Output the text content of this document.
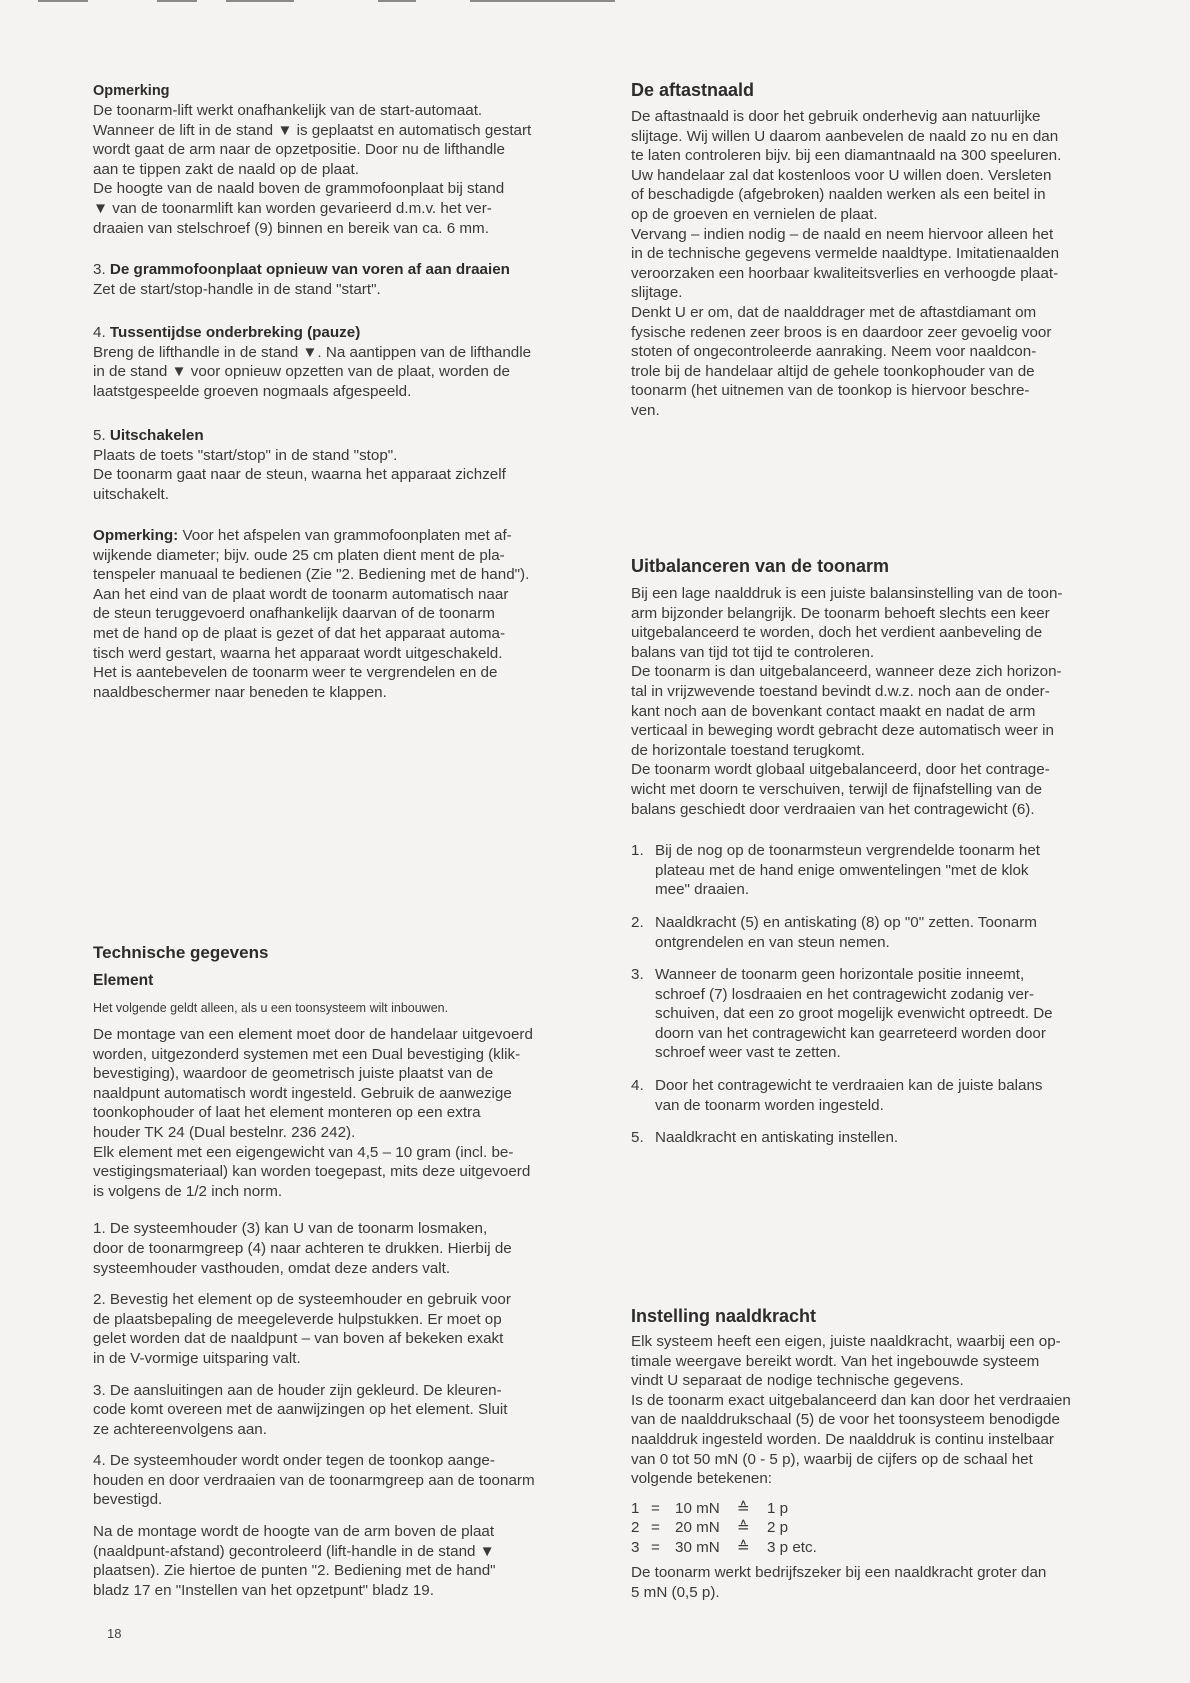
Opmerking

De toonarm-lift werkt onafhankelijk van de start-automaat.

Wanneer de lift in de stand ▼ is geplaatst en automatisch gestart

wordt gaat de arm naar de opzetpositie. Door nu de lifthandle

aan te tippen zakt de naald op de plaat.

De hoogte van de naald boven de grammofoonplaat bij stand

▼ van de toonarmlift kan worden gevarieerd d.m.v. het ver-

draaien van stelschroef (9) binnen en bereik van ca. 6 mm.

3. De grammofoonplaat opnieuw van voren af aan draaien

Zet de start/stop-handle in de stand "start".

4. Tussentijdse onderbreking (pauze)

Breng de lifthandle in de stand ▼. Na aantippen van de lifthandle

in de stand ▼ voor opnieuw opzetten van de plaat, worden de

laatstgespeelde groeven nogmaals afgespeeld.

5. Uitschakelen

Plaats de toets "start/stop" in de stand "stop".

De toonarm gaat naar de steun, waarna het apparaat zichzelf

uitschakelt.

Opmerking: Voor het afspelen van grammofoonplaten met af-

wijkende diameter; bijv. oude 25 cm platen dient ment de pla-

tenspeler manuaal te bedienen (Zie "2. Bediening met de hand").

Aan het eind van de plaat wordt de toonarm automatisch naar

de steun teruggevoerd onafhankelijk daarvan of de toonarm

met de hand op de plaat is gezet of dat het apparaat automa-

tisch werd gestart, waarna het apparaat wordt uitgeschakeld.

Het is aantebevelen de toonarm weer te vergrendelen en de

naaldbeschermer naar beneden te klappen.

Technische gegevens

Element

Het volgende geldt alleen, als u een toonsysteem wilt inbouwen.

De montage van een element moet door de handelaar uitgevoerd

worden, uitgezonderd systemen met een Dual bevestiging (klik-

bevestiging), waardoor de geometrisch juiste plaatst van de

naaldpunt automatisch wordt ingesteld. Gebruik de aanwezige

toonkophouder of laat het element monteren op een extra

houder TK 24 (Dual bestelnr. 236 242).

Elk element met een eigengewicht van 4,5 – 10 gram (incl. be-

vestigingsmateriaal) kan worden toegepast, mits deze uitgevoerd

is volgens de 1/2 inch norm.

1. De systeemhouder (3) kan U van de toonarm losmaken,

door de toonarmgreep (4) naar achteren te drukken. Hierbij de

systeemhouder vasthouden, omdat deze anders valt.

2. Bevestig het element op de systeemhouder en gebruik voor

de plaatsbepaling de meegeleverde hulpstukken. Er moet op

gelet worden dat de naaldpunt – van boven af bekeken exakt

in de V-vormige uitsparing valt.

3. De aansluitingen aan de houder zijn gekleurd. De kleuren-

code komt overeen met de aanwijzingen op het element. Sluit

ze achtereenvolgens aan.

4. De systeemhouder wordt onder tegen de toonkop aange-

houden en door verdraaien van de toonarmgreep aan de toonarm

bevestigd.

Na de montage wordt de hoogte van de arm boven de plaat

(naaldpunt-afstand) gecontroleerd (lift-handle in de stand ▼

plaatsen). Zie hiertoe de punten "2. Bediening met de hand"

bladz 17 en "Instellen van het opzetpunt" bladz 19.

De aftastnaald

De aftastnaald is door het gebruik onderhevig aan natuurlijke

slijtage. Wij willen U daarom aanbevelen de naald zo nu en dan

te laten controleren bijv. bij een diamantnaald na 300 speeluren.

Uw handelaar zal dat kostenloos voor U willen doen. Versleten

of beschadigde (afgebroken) naalden werken als een beitel in

op de groeven en vernielen de plaat.

Vervang – indien nodig – de naald en neem hiervoor alleen het

in de technische gegevens vermelde naaldtype. Imitatienaalden

veroorzaken een hoorbaar kwaliteitsverlies en verhoogde plaat-

slijtage.

Denkt U er om, dat de naalddrager met de aftastdiamant om

fysische redenen zeer broos is en daardoor zeer gevoelig voor

stoten of ongecontroleerde aanraking. Neem voor naaldcon-

trole bij de handelaar altijd de gehele toonkophouder van de

toonarm (het uitnemen van de toonkop is hiervoor beschre-

ven.

Uitbalanceren van de toonarm

Bij een lage naalddruk is een juiste balansinstelling van de toon-

arm bijzonder belangrijk. De toonarm behoeft slechts een keer

uitgebalanceerd te worden, doch het verdient aanbeveling de

balans van tijd tot tijd te controleren.

De toonarm is dan uitgebalanceerd, wanneer deze zich horizon-

tal in vrijzwevende toestand bevindt d.w.z. noch aan de onder-

kant noch aan de bovenkant contact maakt en nadat de arm

verticaal in beweging wordt gebracht deze automatisch weer in

de horizontale toestand terugkomt.

De toonarm wordt globaal uitgebalanceerd, door het contrage-

wicht met doorn te verschuiven, terwijl de fijnafstelling van de

balans geschiedt door verdraaien van het contragewicht (6).

1. Bij de nog op de toonarmsteun vergrendelde toonarm het

plateau met de hand enige omwentelingen "met de klok

mee" draaien.

2. Naaldkracht (5) en antiskating (8) op "0" zetten. Toonarm

ontgrendelen en van steun nemen.

3. Wanneer de toonarm geen horizontale positie inneemt,

schroef (7) losdraaien en het contragewicht zodanig ver-

schuiven, dat een zo groot mogelijk evenwicht optreedt. De

doorn van het contragewicht kan gearreteerd worden door

schroef weer vast te zetten.

4. Door het contragewicht te verdraaien kan de juiste balans

van de toonarm worden ingesteld.

5. Naaldkracht en antiskating instellen.

Instelling naaldkracht

Elk systeem heeft een eigen, juiste naaldkracht, waarbij een op-

timale weergave bereikt wordt. Van het ingebouwde systeem

vindt U separaat de nodige technische gegevens.

Is de toonarm exact uitgebalanceerd dan kan door het verdraaien

van de naalddrukschaal (5) de voor het toonsysteem benodigde

naalddruk ingesteld worden. De naalddruk is continu instelbaar

van 0 tot 50 mN (0 - 5 p), waarbij de cijfers op de schaal het

volgende betekenen:

1 = 10 mN	≙	1 p
2 = 20 mN	≙	2 p
3 = 30 mN	≙	3 p etc.

De toonarm werkt bedrijfszeker bij een naaldkracht groter dan

5 mN (0,5 p).

18
